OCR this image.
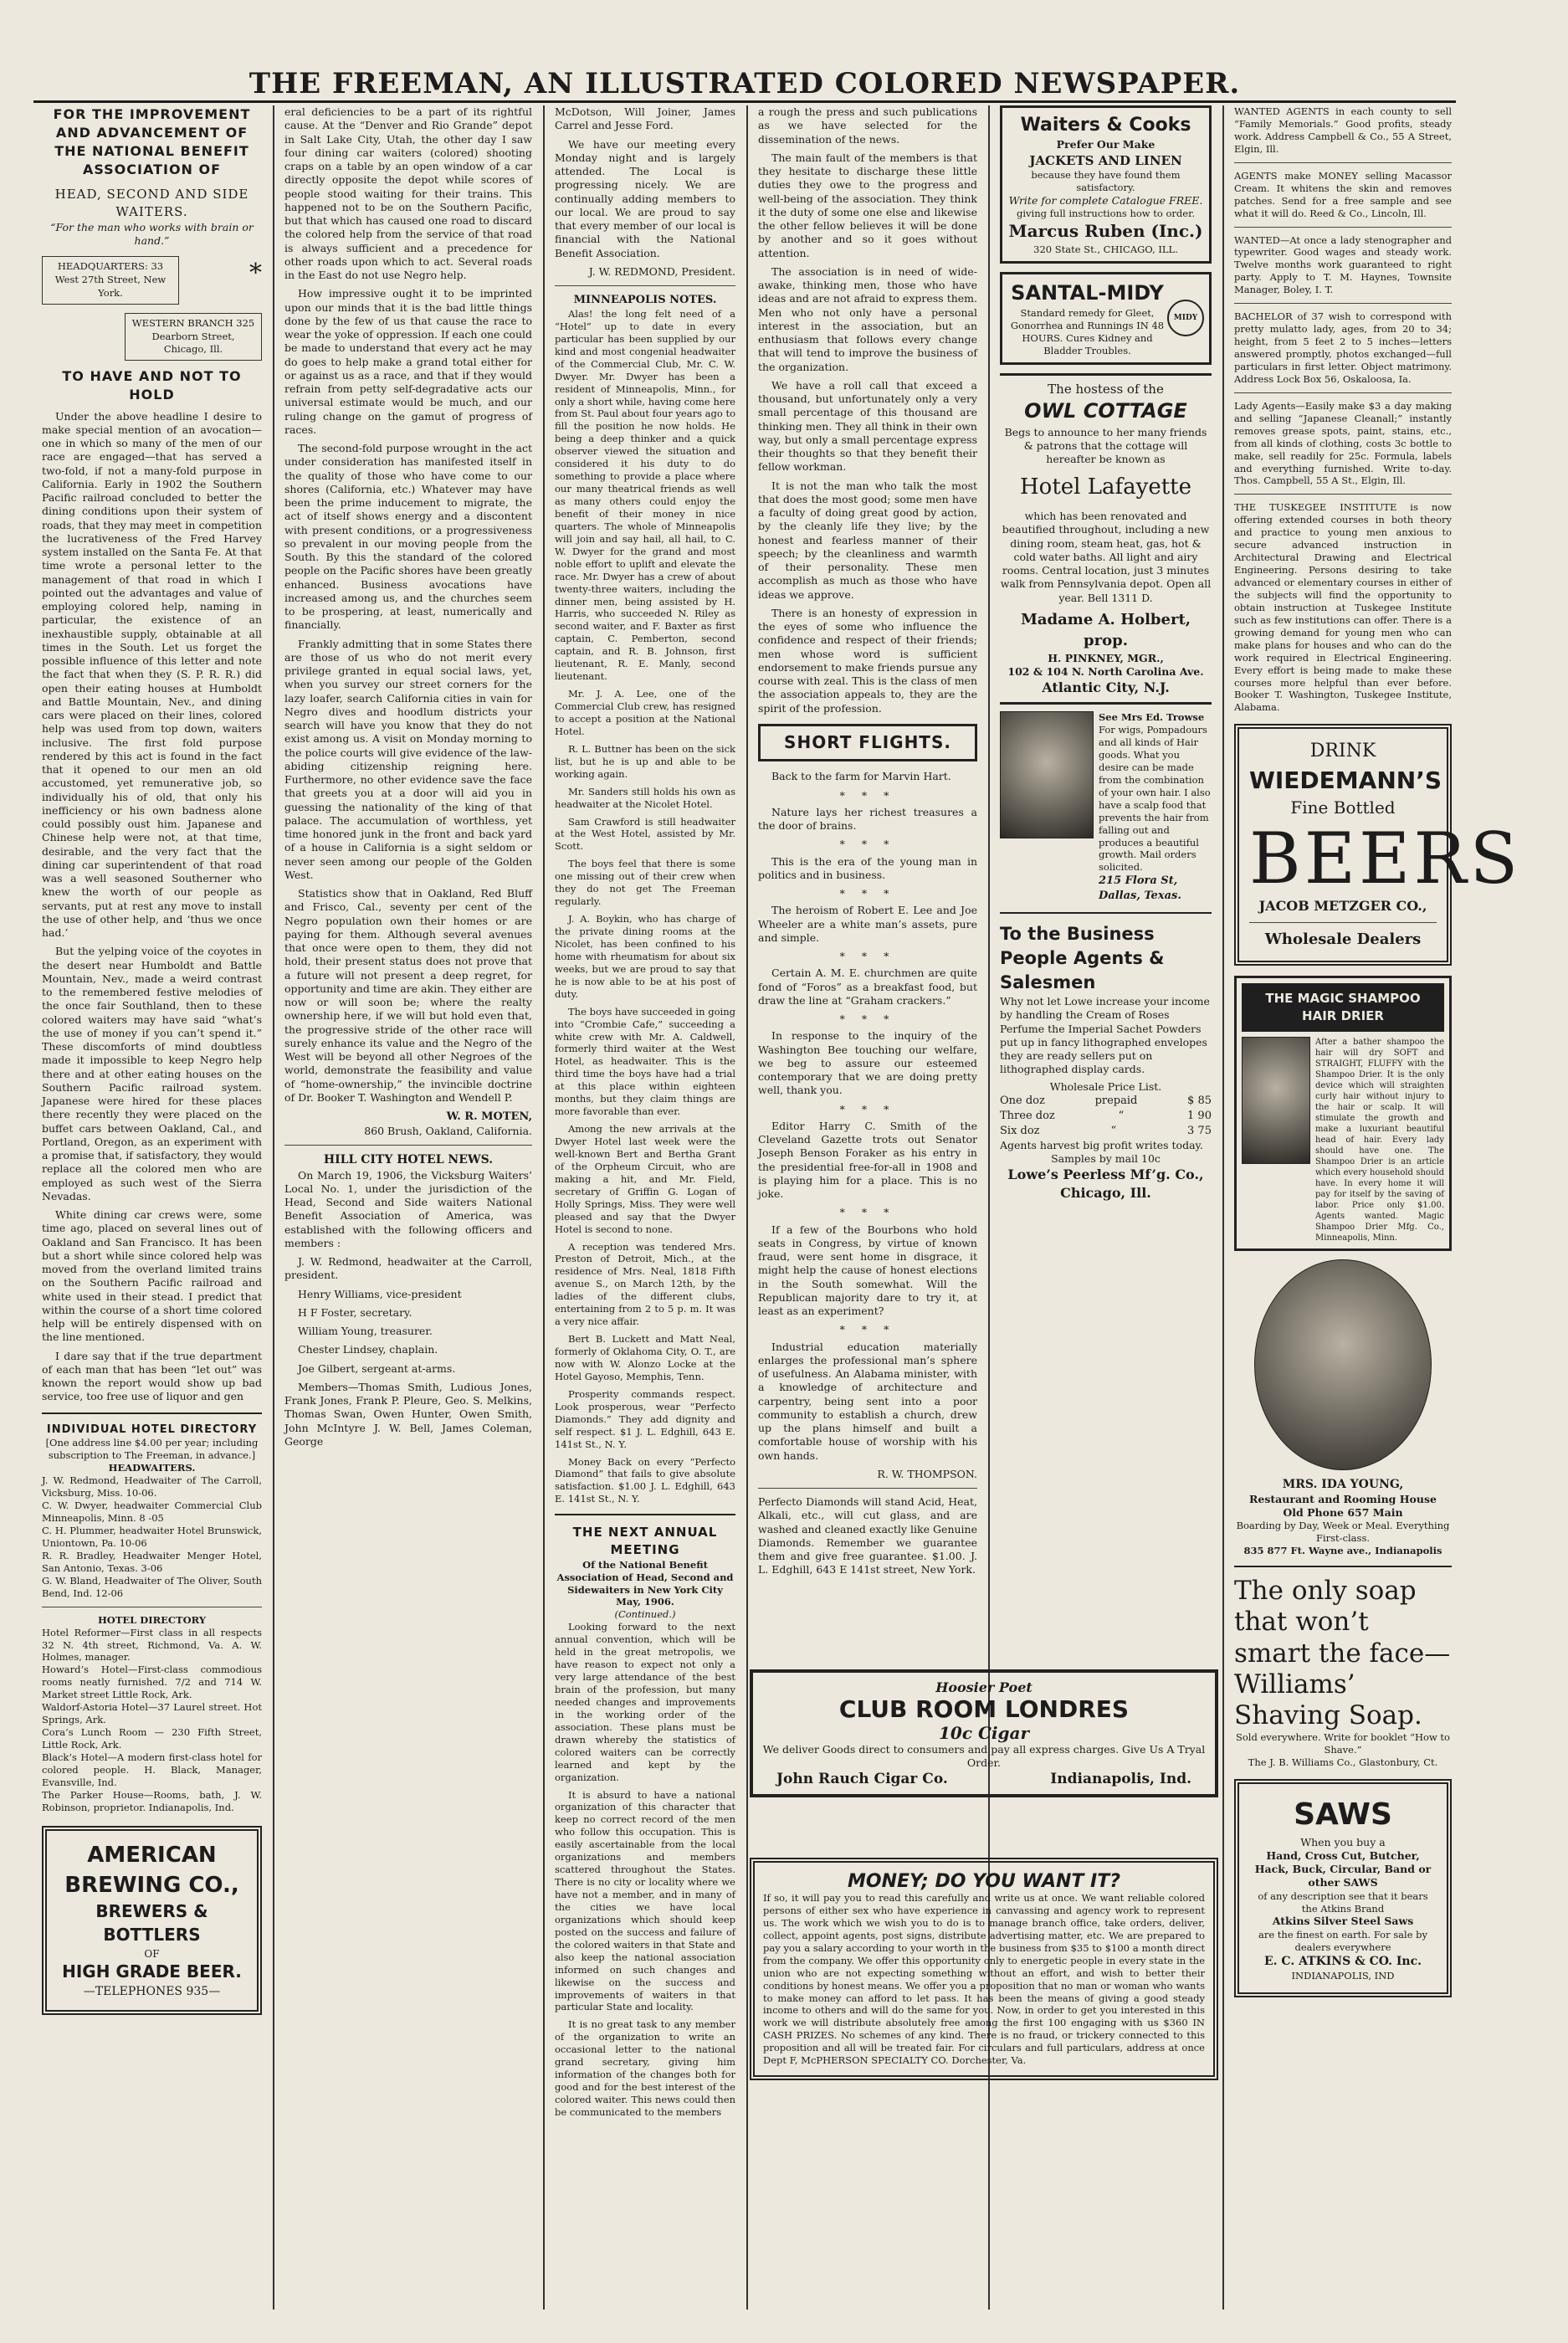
THE FREEMAN, AN ILLUSTRATED COLORED NEWSPAPER.
FOR THE IMPROVEMENT AND ADVANCEMENT OF
THE NATIONAL BENEFIT ASSOCIATION OF
HEAD, SECOND AND SIDE WAITERS.
“For the man who works with brain or hand.”
HEADQUARTERS: 33 West 27th Street, New York.
*
WESTERN BRANCH 325 Dearborn Street, Chicago, Ill.
TO HAVE AND NOT TO HOLD

Under the above headline I desire to make special mention of an avocation—one in which so many of the men of our race are engaged—that has served a two-fold, if not a many-fold purpose in California. Early in 1902 the Southern Pacific railroad concluded to better the dining conditions upon their system of roads, that they may meet in competition the lucrativeness of the Fred Harvey system installed on the Santa Fe. At that time wrote a personal letter to the management of that road in which I pointed out the advantages and value of employing colored help, naming in particular, the existence of an inexhaustible supply, obtainable at all times in the South. Let us forget the possible influence of this letter and note the fact that when they (S. P. R. R.) did open their eating houses at Humboldt and Battle Mountain, Nev., and dining cars were placed on their lines, colored help was used from top down, waiters inclusive. The first fold purpose rendered by this act is found in the fact that it opened to our men an old accustomed, yet remunerative job, so individually his of old, that only his inefficiency or his own badness alone could possibly oust him. Japanese and Chinese help were not, at that time, desirable, and the very fact that the dining car superintendent of that road was a well seasoned Southerner who knew the worth of our people as servants, put at rest any move to install the use of other help, and ‘thus we once had.’

But the yelping voice of the coyotes in the desert near Humboldt and Battle Mountain, Nev., made a weird contrast to the remembered festive melodies of the once fair Southland, then to these colored waiters may have said “what’s the use of money if you can’t spend it.” These discomforts of mind doubtless made it impossible to keep Negro help there and at other eating houses on the Southern Pacific railroad system. Japanese were hired for these places there recently they were placed on the buffet cars between Oakland, Cal., and Portland, Oregon, as an experiment with a promise that, if satisfactory, they would replace all the colored men who are employed as such west of the Sierra Nevadas.

White dining car crews were, some time ago, placed on several lines out of Oakland and San Francisco. It has been but a short while since colored help was moved from the overland limited trains on the Southern Pacific railroad and white used in their stead. I predict that within the course of a short time colored help will be entirely dispensed with on the line mentioned.

I dare say that if the true department of each man that has been “let out” was known the report would show up bad service, too free use of liquor and gen

INDIVIDUAL HOTEL DIRECTORY
[One address line $4.00 per year; including subscription to The Freeman, in advance.]
HEADWAITERS.
J. W. Redmond, Headwaiter of The Carroll, Vicksburg, Miss. 10-06.
C. W. Dwyer, headwaiter Commercial Club Minneapolis, Minn. 8 -05
C. H. Plummer, headwaiter Hotel Brunswick, Uniontown, Pa. 10-06
R. R. Bradley, Headwaiter Menger Hotel, San Antonio, Texas. 3-06
G. W. Bland, Headwaiter of The Oliver, South Bend, Ind. 12-06
HOTEL DIRECTORY
Hotel Reformer—First class in all respects 32 N. 4th street, Richmond, Va. A. W. Holmes, manager.
Howard’s Hotel—First-class commodious rooms neatly furnished. 7/2 and 714 W. Market street Little Rock, Ark.
Waldorf-Astoria Hotel—37 Laurel street. Hot Springs, Ark.
Cora’s Lunch Room — 230 Fifth Street, Little Rock, Ark.
Black’s Hotel—A modern first-class hotel for colored people. H. Black, Manager, Evansville, Ind.
The Parker House—Rooms, bath, J. W. Robinson, proprietor. Indianapolis, Ind.
AMERICAN BREWING CO.,
BREWERS & BOTTLERS
OF
HIGH GRADE BEER.
—TELEPHONES 935—

eral deficiencies to be a part of its rightful cause. At the “Denver and Rio Grande” depot in Salt Lake City, Utah, the other day I saw four dining car waiters (colored) shooting craps on a table by an open window of a car directly opposite the depot while scores of people stood waiting for their trains. This happened not to be on the Southern Pacific, but that which has caused one road to discard the colored help from the service of that road is always sufficient and a precedence for other roads upon which to act. Several roads in the East do not use Negro help.

How impressive ought it to be imprinted upon our minds that it is the bad little things done by the few of us that cause the race to wear the yoke of oppression. If each one could be made to understand that every act he may do goes to help make a grand total either for or against us as a race, and that if they would refrain from petty self-degradative acts our universal estimate would be much, and our ruling change on the gamut of progress of races.

The second-fold purpose wrought in the act under consideration has manifested itself in the quality of those who have come to our shores (California, etc.) Whatever may have been the prime inducement to migrate, the act of itself shows energy and a discontent with present conditions, or a progressiveness so prevalent in our moving people from the South. By this the standard of the colored people on the Pacific shores have been greatly enhanced. Business avocations have increased among us, and the churches seem to be prospering, at least, numerically and financially.

Frankly admitting that in some States there are those of us who do not merit every privilege granted in equal social laws, yet, when you survey our street corners for the lazy loafer, search California cities in vain for Negro dives and hoodlum districts your search will have you know that they do not exist among us. A visit on Monday morning to the police courts will give evidence of the law-abiding citizenship reigning here. Furthermore, no other evidence save the face that greets you at a door will aid you in guessing the nationality of the king of that palace. The accumulation of worthless, yet time honored junk in the front and back yard of a house in California is a sight seldom or never seen among our people of the Golden West.

Statistics show that in Oakland, Red Bluff and Frisco, Cal., seventy per cent of the Negro population own their homes or are paying for them. Although several avenues that once were open to them, they did not hold, their present status does not prove that a future will not present a deep regret, for opportunity and time are akin. They either are now or will soon be; where the realty ownership here, if we will but hold even that, the progressive stride of the other race will surely enhance its value and the Negro of the West will be beyond all other Negroes of the world, demonstrate the feasibility and value of “home-ownership,” the invincible doctrine of Dr. Booker T. Washington and Wendell P.

W. R. MOTEN,
860 Brush, Oakland, California.
HILL CITY HOTEL NEWS.

On March 19, 1906, the Vicksburg Waiters’ Local No. 1, under the jurisdiction of the Head, Second and Side waiters National Benefit Association of America, was established with the following officers and members :

J. W. Redmond, headwaiter at the Carroll, president.

Henry Williams, vice-president

H F Foster, secretary.

William Young, treasurer.

Chester Lindsey, chaplain.

Joe Gilbert, sergeant at-arms.

Members—Thomas Smith, Ludious Jones, Frank Jones, Frank P. Pleure, Geo. S. Melkins, Thomas Swan, Owen Hunter, Owen Smith, John McIntyre J. W. Bell, James Coleman, George

McDotson, Will Joiner, James Carrel and Jesse Ford.

We have our meeting every Monday night and is largely attended. The Local is progressing nicely. We are continually adding members to our local. We are proud to say that every member of our local is financial with the National Benefit Association.

J. W. REDMOND, President.
MINNEAPOLIS NOTES.

Alas! the long felt need of a “Hotel” up to date in every particular has been supplied by our kind and most congenial headwaiter of the Commercial Club, Mr. C. W. Dwyer. Mr. Dwyer has been a resident of Minneapolis, Minn., for only a short while, having come here from St. Paul about four years ago to fill the position he now holds. He being a deep thinker and a quick observer viewed the situation and considered it his duty to do something to provide a place where our many theatrical friends as well as many others could enjoy the benefit of their money in nice quarters. The whole of Minneapolis will join and say hail, all hail, to C. W. Dwyer for the grand and most noble effort to uplift and elevate the race. Mr. Dwyer has a crew of about twenty-three waiters, including the dinner men, being assisted by H. Harris, who succeeded N. Riley as second waiter, and F. Baxter as first captain, C. Pemberton, second captain, and R. B. Johnson, first lieutenant, R. E. Manly, second lieutenant.

Mr. J. A. Lee, one of the Commercial Club crew, has resigned to accept a position at the National Hotel.

R. L. Buttner has been on the sick list, but he is up and able to be working again.

Mr. Sanders still holds his own as headwaiter at the Nicolet Hotel.

Sam Crawford is still headwaiter at the West Hotel, assisted by Mr. Scott.

The boys feel that there is some one missing out of their crew when they do not get The Freeman regularly.

J. A. Boykin, who has charge of the private dining rooms at the Nicolet, has been confined to his home with rheumatism for about six weeks, but we are proud to say that he is now able to be at his post of duty.

The boys have succeeded in going into “Crombie Cafe,” succeeding a white crew with Mr. A. Caldwell, formerly third waiter at the West Hotel, as headwaiter. This is the third time the boys have had a trial at this place within eighteen months, but they claim things are more favorable than ever.

Among the new arrivals at the Dwyer Hotel last week were the well-known Bert and Bertha Grant of the Orpheum Circuit, who are making a hit, and Mr. Field, secretary of Griffin G. Logan of Holly Springs, Miss. They were well pleased and say that the Dwyer Hotel is second to none.

A reception was tendered Mrs. Preston of Detroit, Mich., at the residence of Mrs. Neal, 1818 Fifth avenue S., on March 12th, by the ladies of the different clubs, entertaining from 2 to 5 p. m. It was a very nice affair.

Bert B. Luckett and Matt Neal, formerly of Oklahoma City, O. T., are now with W. Alonzo Locke at the Hotel Gayoso, Memphis, Tenn.

Prosperity commands respect. Look prosperous, wear “Perfecto Diamonds.” They add dignity and self respect. $1 J. L. Edghill, 643 E. 141st St., N. Y.

Money Back on every “Perfecto Diamond” that fails to give absolute satisfaction. $1.00 J. L. Edghill, 643 E. 141st St., N. Y.

THE NEXT ANNUAL MEETING
Of the National Benefit Association of Head, Second and Sidewaiters in New York City May, 1906.
(Continued.)

Looking forward to the next annual convention, which will be held in the great metropolis, we have reason to expect not only a very large attendance of the best brain of the profession, but many needed changes and improvements in the working order of the association. These plans must be drawn whereby the statistics of colored waiters can be correctly learned and kept by the organization.

It is absurd to have a national organization of this character that keep no correct record of the men who follow this occupation. This is easily ascertainable from the local organizations and members scattered throughout the States. There is no city or locality where we have not a member, and in many of the cities we have local organizations which should keep posted on the success and failure of the colored waiters in that State and also keep the national association informed on such changes and likewise on the success and improvements of waiters in that particular State and locality.

It is no great task to any member of the organization to write an occasional letter to the national grand secretary, giving him information of the changes both for good and for the best interest of the colored waiter. This news could then be communicated to the members

a rough the press and such publications as we have selected for the dissemination of the news.

The main fault of the members is that they hesitate to discharge these little duties they owe to the progress and well-being of the association. They think it the duty of some one else and likewise the other fellow believes it will be done by another and so it goes without attention.

The association is in need of wide-awake, thinking men, those who have ideas and are not afraid to express them. Men who not only have a personal interest in the association, but an enthusiasm that follows every change that will tend to improve the business of the organization.

We have a roll call that exceed a thousand, but unfortunately only a very small percentage of this thousand are thinking men. They all think in their own way, but only a small percentage express their thoughts so that they benefit their fellow workman.

It is not the man who talk the most that does the most good; some men have a faculty of doing great good by action, by the cleanly life they live; by the honest and fearless manner of their speech; by the cleanliness and warmth of their personality. These men accomplish as much as those who have ideas we approve.

There is an honesty of expression in the eyes of some who influence the confidence and respect of their friends; men whose word is sufficient endorsement to make friends pursue any course with zeal. This is the class of men the association appeals to, they are the spirit of the profession.

SHORT FLIGHTS.

Back to the farm for Marvin Hart.

* * *

Nature lays her richest treasures a the door of brains.

* * *

This is the era of the young man in politics and in business.

* * *

The heroism of Robert E. Lee and Joe Wheeler are a white man’s assets, pure and simple.

* * *

Certain A. M. E. churchmen are quite fond of “Foros” as a breakfast food, but draw the line at “Graham crackers.”

* * *

In response to the inquiry of the Washington Bee touching our welfare, we beg to assure our esteemed contemporary that we are doing pretty well, thank you.

* * *

Editor Harry C. Smith of the Cleveland Gazette trots out Senator Joseph Benson Foraker as his entry in the presidential free-for-all in 1908 and is playing him for a place. This is no joke.

* * *

If a few of the Bourbons who hold seats in Congress, by virtue of known fraud, were sent home in disgrace, it might help the cause of honest elections in the South somewhat. Will the Republican majority dare to try it, at least as an experiment?

* * *

Industrial education materially enlarges the professional man’s sphere of usefulness. An Alabama minister, with a knowledge of architecture and carpentry, being sent into a poor community to establish a church, drew up the plans himself and built a comfortable house of worship with his own hands.

R. W. THOMPSON.
Perfecto Diamonds will stand Acid, Heat, Alkali, etc., will cut glass, and are washed and cleaned exactly like Genuine Diamonds. Remember we guarantee them and give free guarantee. $1.00. J. L. Edghill, 643 E 141st street, New York.
Waiters & Cooks
Prefer Our Make
JACKETS AND LINEN
because they have found them satisfactory.
Write for complete Catalogue FREE.
giving full instructions how to order.
Marcus Ruben (Inc.)
320 State St., CHICAGO, ILL.
SANTAL-MIDY
Standard remedy for Gleet, Gonorrhea and Runnings IN 48 HOURS. Cures Kidney and Bladder Troubles.
MIDY
The hostess of the
OWL COTTAGE
Begs to announce to her many friends & patrons that the cottage will hereafter be known as
Hotel Lafayette
which has been renovated and beautified throughout, including a new dining room, steam heat, gas, hot & cold water baths. All light and airy rooms. Central location, just 3 minutes walk from Pennsylvania depot. Open all year. Bell 1311 D.
Madame A. Holbert, prop.
H. PINKNEY, MGR.,
102 & 104 N. North Carolina Ave.
Atlantic City, N.J.
See Mrs Ed. Trowse
For wigs, Pompadours and all kinds of Hair goods. What you desire can be made from the combination of your own hair. I also have a scalp food that prevents the hair from falling out and produces a beautiful growth. Mail orders solicited.
215 Flora St, Dallas, Texas.
To the Business People Agents & Salesmen
Why not let Lowe increase your income by handling the Cream of Roses Perfume the Imperial Sachet Powders put up in fancy lithographed envelopes they are ready sellers put on lithographed display cards.
Wholesale Price List.
One doz	prepaid	$ 85
Three doz	“	1 90
Six doz	“	3 75
Agents harvest big profit writes today.
Samples by mail 10c
Lowe’s Peerless Mf’g. Co., Chicago, Ill.
Hoosier Poet
CLUB ROOM LONDRES
10c Cigar
We deliver Goods direct to consumers and pay all express charges. Give Us A Tryal Order.
John Rauch Cigar Co.	Indianapolis, Ind.
MONEY; DO YOU WANT IT?
If so, it will pay you to read this carefully and write us at once. We want reliable colored persons of either sex who have experience in canvassing and agency work to represent us. The work which we wish you to do is to manage branch office, take orders, deliver, collect, appoint agents, post signs, distribute advertising matter, etc. We are prepared to pay you a salary according to your worth in the business from $35 to $100 a month direct from the company. We offer this opportunity only to energetic people in every state in the union who are not expecting something without an effort, and wish to better their conditions by honest means. We offer you a proposition that no man or woman who wants to make money can afford to let pass. It has been the means of giving a good steady income to others and will do the same for you. Now, in order to get you interested in this work we will distribute absolutely free among the first 100 engaging with us $360 IN CASH PRIZES. No schemes of any kind. There is no fraud, or trickery connected to this proposition and all will be treated fair. For circulars and full particulars, address at once Dept F, McPHERSON SPECIALTY CO. Dorchester, Va.

WANTED AGENTS in each county to sell “Family Memorials.” Good profits, steady work. Address Campbell & Co., 55 A Street, Elgin, Ill.

AGENTS make MONEY selling Macassor Cream. It whitens the skin and removes patches. Send for a free sample and see what it will do. Reed & Co., Lincoln, Ill.

WANTED—At once a lady stenographer and typewriter. Good wages and steady work. Twelve months work guaranteed to right party. Apply to T. M. Haynes, Townsite Manager, Boley, I. T.

BACHELOR of 37 wish to correspond with pretty mulatto lady, ages, from 20 to 34; height, from 5 feet 2 to 5 inches—letters answered promptly, photos exchanged—full particulars in first letter. Object matrimony. Address Lock Box 56, Oskaloosa, Ia.

Lady Agents—Easily make $3 a day making and selling “Japanese Cleanall;” instantly removes grease spots, paint, stains, etc., from all kinds of clothing, costs 3c bottle to make, sell readily for 25c. Formula, labels and everything furnished. Write to-day. Thos. Campbell, 55 A St., Elgin, Ill.

THE TUSKEGEE INSTITUTE is now offering extended courses in both theory and practice to young men anxious to secure advanced instruction in Architectural Drawing and Electrical Engineering. Persons desiring to take advanced or elementary courses in either of the subjects will find the opportunity to obtain instruction at Tuskegee Institute such as few institutions can offer. There is a growing demand for young men who can make plans for houses and who can do the work required in Electrical Engineering. Every effort is being made to make these courses more helpful than ever before. Booker T. Washington, Tuskegee Institute, Alabama.

DRINK
WIEDEMANN’S
Fine Bottled
BEERS
JACOB METZGER CO.,
Wholesale Dealers
THE MAGIC SHAMPOO HAIR DRIER
After a bather shampoo the hair will dry SOFT and STRAIGHT, FLUFFY with the Shampoo Drier. It is the only device which will straighten curly hair without injury to the hair or scalp. It will stimulate the growth and make a luxuriant beautiful head of hair. Every lady should have one. The Shampoo Drier is an article which every household should have. In every home it will pay for itself by the saving of labor. Price only $1.00. Agents wanted. Magic Shampoo Drier Mfg. Co., Minneapolis, Minn.
MRS. IDA YOUNG,
Restaurant and Rooming House
Old Phone 657 Main
Boarding by Day, Week or Meal. Everything First-class.
835 877 Ft. Wayne ave., Indianapolis
The only soap that won’t smart the face—Williams’ Shaving Soap.
Sold everywhere. Write for booklet “How to Shave.”
The J. B. Williams Co., Glastonbury, Ct.
SAWS
When you buy a
Hand, Cross Cut, Butcher, Hack, Buck, Circular, Band or other SAWS
of any description see that it bears the Atkins Brand
Atkins Silver Steel Saws
are the finest on earth. For sale by dealers everywhere
E. C. ATKINS & CO. Inc.
INDIANAPOLIS, IND
